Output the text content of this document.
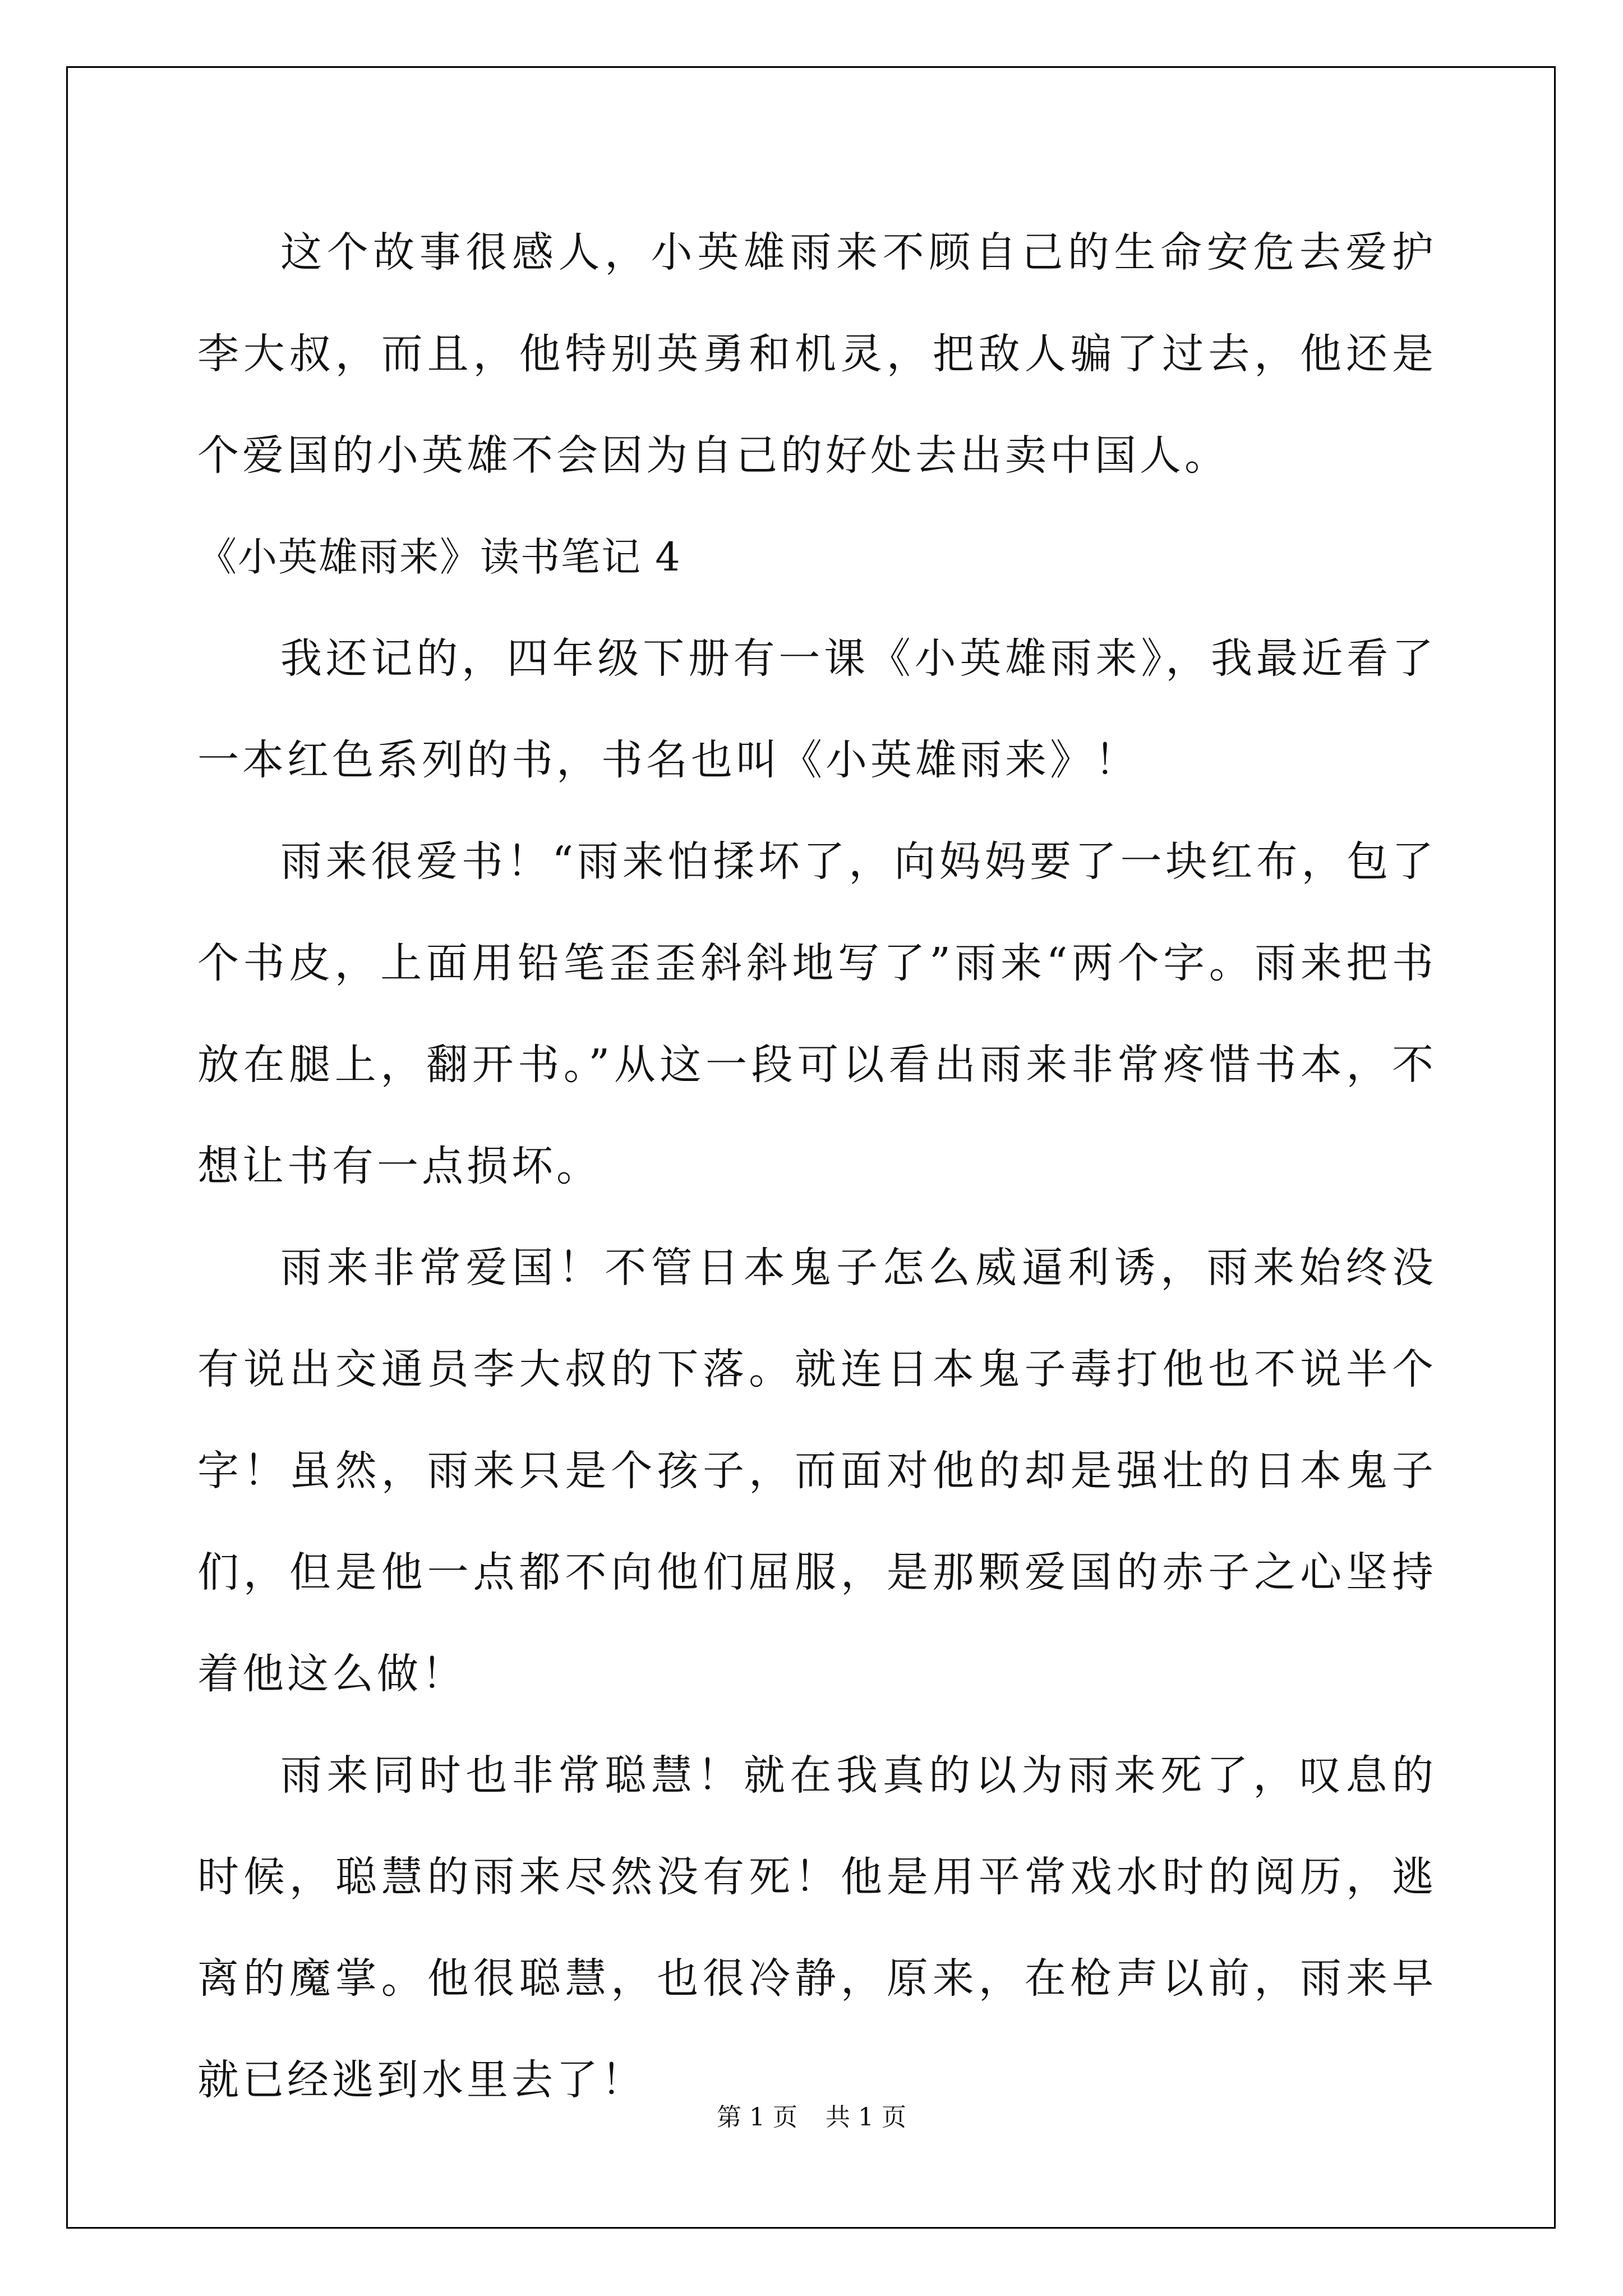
这个故事很感人，小英雄雨来不顾自己的生命安危去爱护李大叔，而且，他特别英勇和机灵，把敌人骗了过去，他还是个爱国的小英雄不会因为自己的好处去出卖中国人。

《小英雄雨来》读书笔记 4

我还记的，四年级下册有一课《小英雄雨来》，我最近看了一本红色系列的书，书名也叫《小英雄雨来》！

雨来很爱书！“雨来怕揉坏了，向妈妈要了一块红布，包了个书皮，上面用铅笔歪歪斜斜地写了”雨来“两个字。雨来把书放在腿上，翻开书。”从这一段可以看出雨来非常疼惜书本，不想让书有一点损坏。

雨来非常爱国！不管日本鬼子怎么威逼利诱，雨来始终没有说出交通员李大叔的下落。就连日本鬼子毒打他也不说半个字！虽然，雨来只是个孩子，而面对他的却是强壮的日本鬼子们，但是他一点都不向他们屈服，是那颗爱国的赤子之心坚持着他这么做！

雨来同时也非常聪慧！就在我真的以为雨来死了，叹息的时候，聪慧的雨来尽然没有死！他是用平常戏水时的阅历，逃离的魔掌。他很聪慧，也很冷静，原来，在枪声以前，雨来早就已经逃到水里去了！

第 1 页 共 1 页
